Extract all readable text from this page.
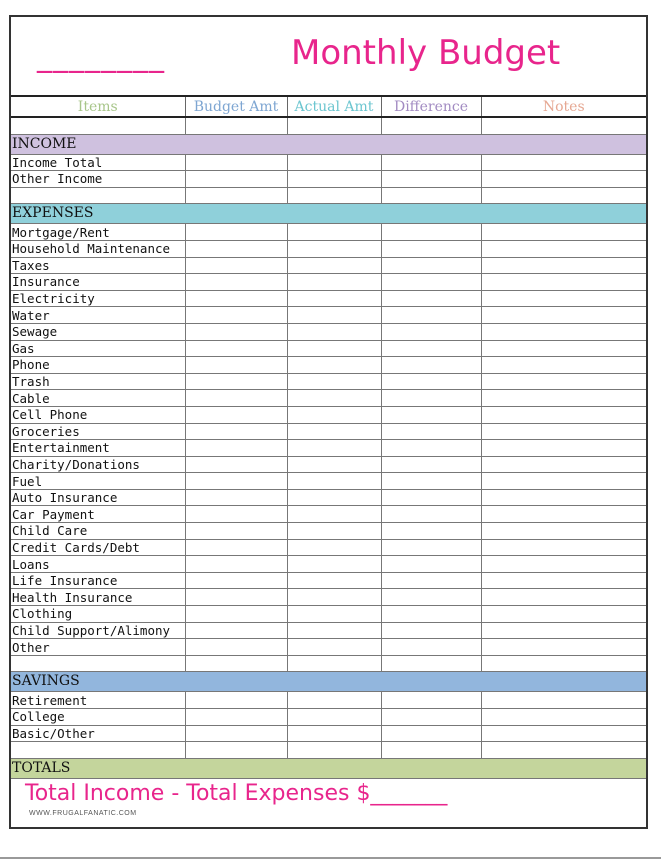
________	Monthly Budget
Items	Budget Amt	Actual Amt	Difference	Notes

INCOME				
Income Total				
Other Income				

EXPENSES				
Mortgage/Rent				
Household Maintenance				
Taxes				
Insurance				
Electricity				
Water				
Sewage				
Gas				
Phone				
Trash				
Cable				
Cell Phone				
Groceries				
Entertainment				
Charity/Donations				
Fuel				
Auto Insurance				
Car Payment				
Child Care				
Credit Cards/Debt				
Loans				
Life Insurance				
Health Insurance				
Clothing				
Child Support/Alimony				
Other				

SAVINGS				
Retirement				
College				
Basic/Other				

TOTALS				
Total Income - Total Expenses $_______
WWW.FRUGALFANATIC.COM
